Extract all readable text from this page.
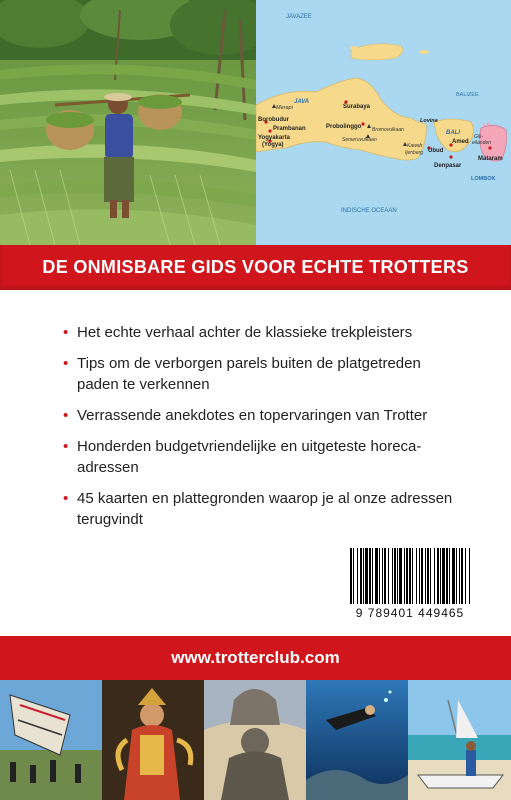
JAVAZEE
BALIZEE
INDISCHE OCEAAN
JAVA
BALI
LOMBOK
Merapi
Borobudur
Prambanan
Yogyakarta
(Yogya)
Surabaya
Probolinggo Bromovulkaan
Semeruvulkaan
Kawah
Ijenberg
Lovina
Ubud
Amed
Gili-
eilanden
Denpasar
Mataram
DE ONMISBARE GIDS VOOR ECHTE TROTTERS
• Het echte verhaal achter de klassieke trekpleisters
• Tips om de verborgen parels buiten de platgetreden paden te verkennen
• Verrassende anekdotes en topervaringen van Trotter
• Honderden budgetvriendelijke en uitgeteste horeca-adressen
• 45 kaarten en plattegronden waarop je al onze adressen terugvindt
9 789401 449465
www.trotterclub.com
